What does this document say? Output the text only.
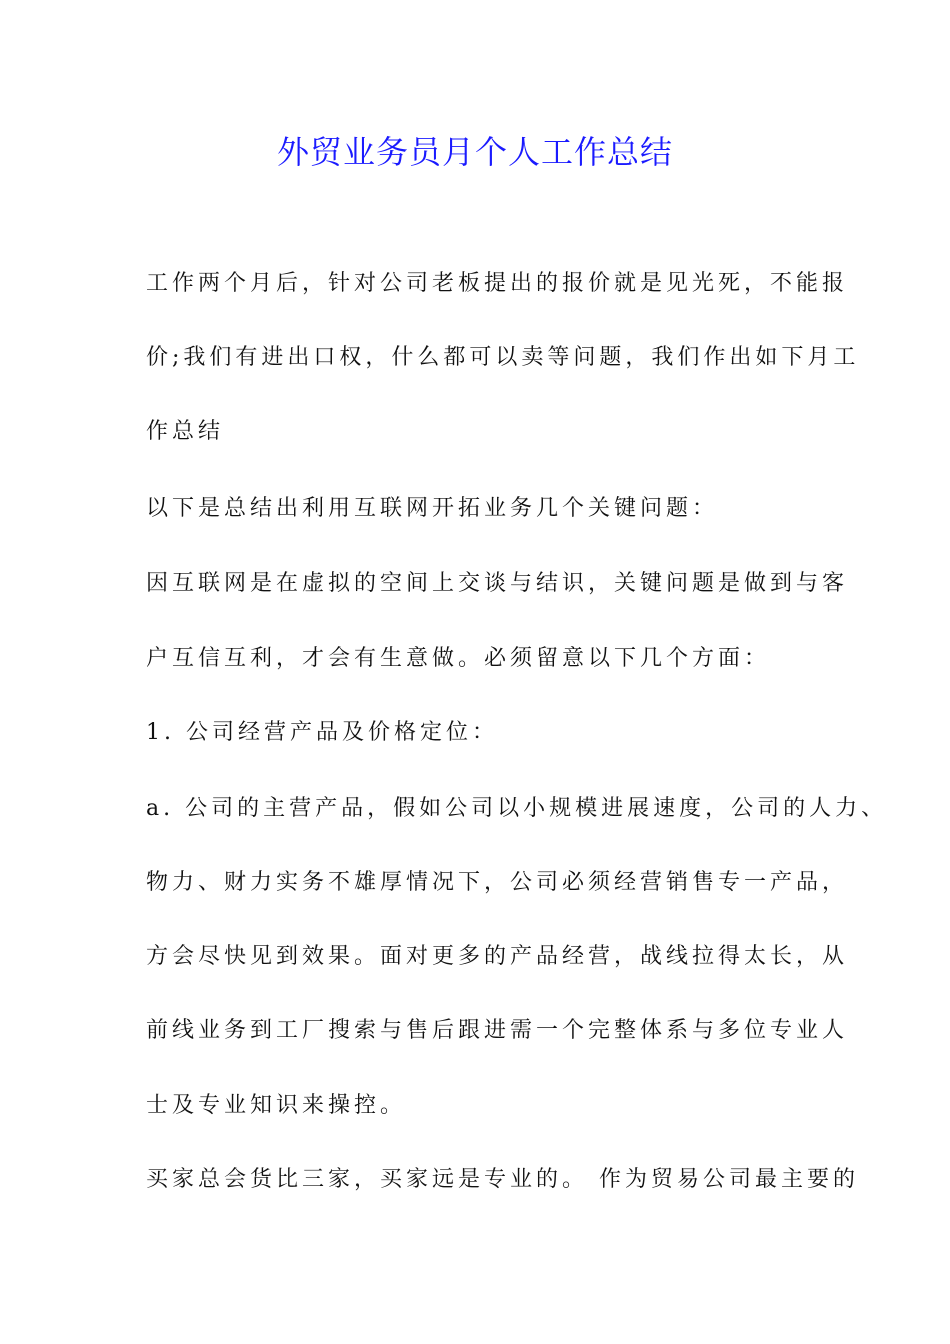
外贸业务员月个人工作总结

工作两个月后，针对公司老板提出的报价就是见光死，不能报

价;我们有进出口权，什么都可以卖等问题，我们作出如下月工

作总结

以下是总结出利用互联网开拓业务几个关键问题：

因互联网是在虚拟的空间上交谈与结识，关键问题是做到与客

户互信互利，才会有生意做。必须留意以下几个方面：

1. 公司经营产品及价格定位：

a. 公司的主营产品，假如公司以小规模进展速度，公司的人力、

物力、财力实务不雄厚情况下，公司必须经营销售专一产品，

方会尽快见到效果。面对更多的产品经营，战线拉得太长，从

前线业务到工厂搜索与售后跟进需一个完整体系与多位专业人

士及专业知识来操控。

买家总会货比三家，买家远是专业的。 作为贸易公司最主要的
